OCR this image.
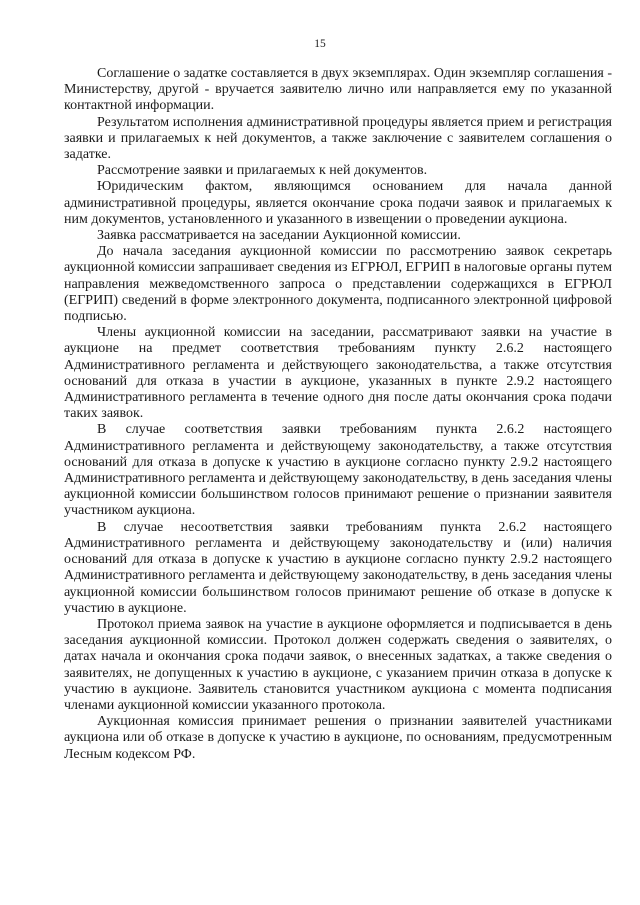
15

Соглашение о задатке составляется в двух экземплярах. Один экземпляр соглашения - Министерству, другой - вручается заявителю лично или направляется ему по указанной контактной информации.

Результатом исполнения административной процедуры является прием и регистрация заявки и прилагаемых к ней документов, а также заключение с заявителем соглашения о задатке.

Рассмотрение заявки и прилагаемых к ней документов.

Юридическим фактом, являющимся основанием для начала данной административной процедуры, является окончание срока подачи заявок и прилагаемых к ним документов, установленного и указанного в извещении о проведении аукциона.

Заявка рассматривается на заседании Аукционной комиссии.

До начала заседания аукционной комиссии по рассмотрению заявок секретарь аукционной комиссии запрашивает сведения из ЕГРЮЛ, ЕГРИП в налоговые органы путем направления межведомственного запроса о представлении содержащихся в ЕГРЮЛ (ЕГРИП) сведений в форме электронного документа, подписанного электронной цифровой подписью.

Члены аукционной комиссии на заседании, рассматривают заявки на участие в аукционе на предмет соответствия требованиям пункту 2.6.2 настоящего Административного регламента и действующего законодательства, а также отсутствия оснований для отказа в участии в аукционе, указанных в пункте 2.9.2 настоящего Административного регламента в течение одного дня после даты окончания срока подачи таких заявок.

В случае соответствия заявки требованиям пункта 2.6.2 настоящего Административного регламента и действующему законодательству, а также отсутствия оснований для отказа в допуске к участию в аукционе согласно пункту 2.9.2 настоящего Административного регламента и действующему законодательству, в день заседания члены аукционной комиссии большинством голосов принимают решение о признании заявителя участником аукциона.

В случае несоответствия заявки требованиям пункта 2.6.2 настоящего Административного регламента и действующему законодательству и (или) наличия оснований для отказа в допуске к участию в аукционе согласно пункту 2.9.2 настоящего Административного регламента и действующему законодательству, в день заседания члены аукционной комиссии большинством голосов принимают решение об отказе в допуске к участию в аукционе.

Протокол приема заявок на участие в аукционе оформляется и подписывается в день заседания аукционной комиссии. Протокол должен содержать сведения о заявителях, о датах начала и окончания срока подачи заявок, о внесенных задатках, а также сведения о заявителях, не допущенных к участию в аукционе, с указанием причин отказа в допуске к участию в аукционе. Заявитель становится участником аукциона с момента подписания членами аукционной комиссии указанного протокола.

Аукционная комиссия принимает решения о признании заявителей участниками аукциона или об отказе в допуске к участию в аукционе, по основаниям, предусмотренным Лесным кодексом РФ.
